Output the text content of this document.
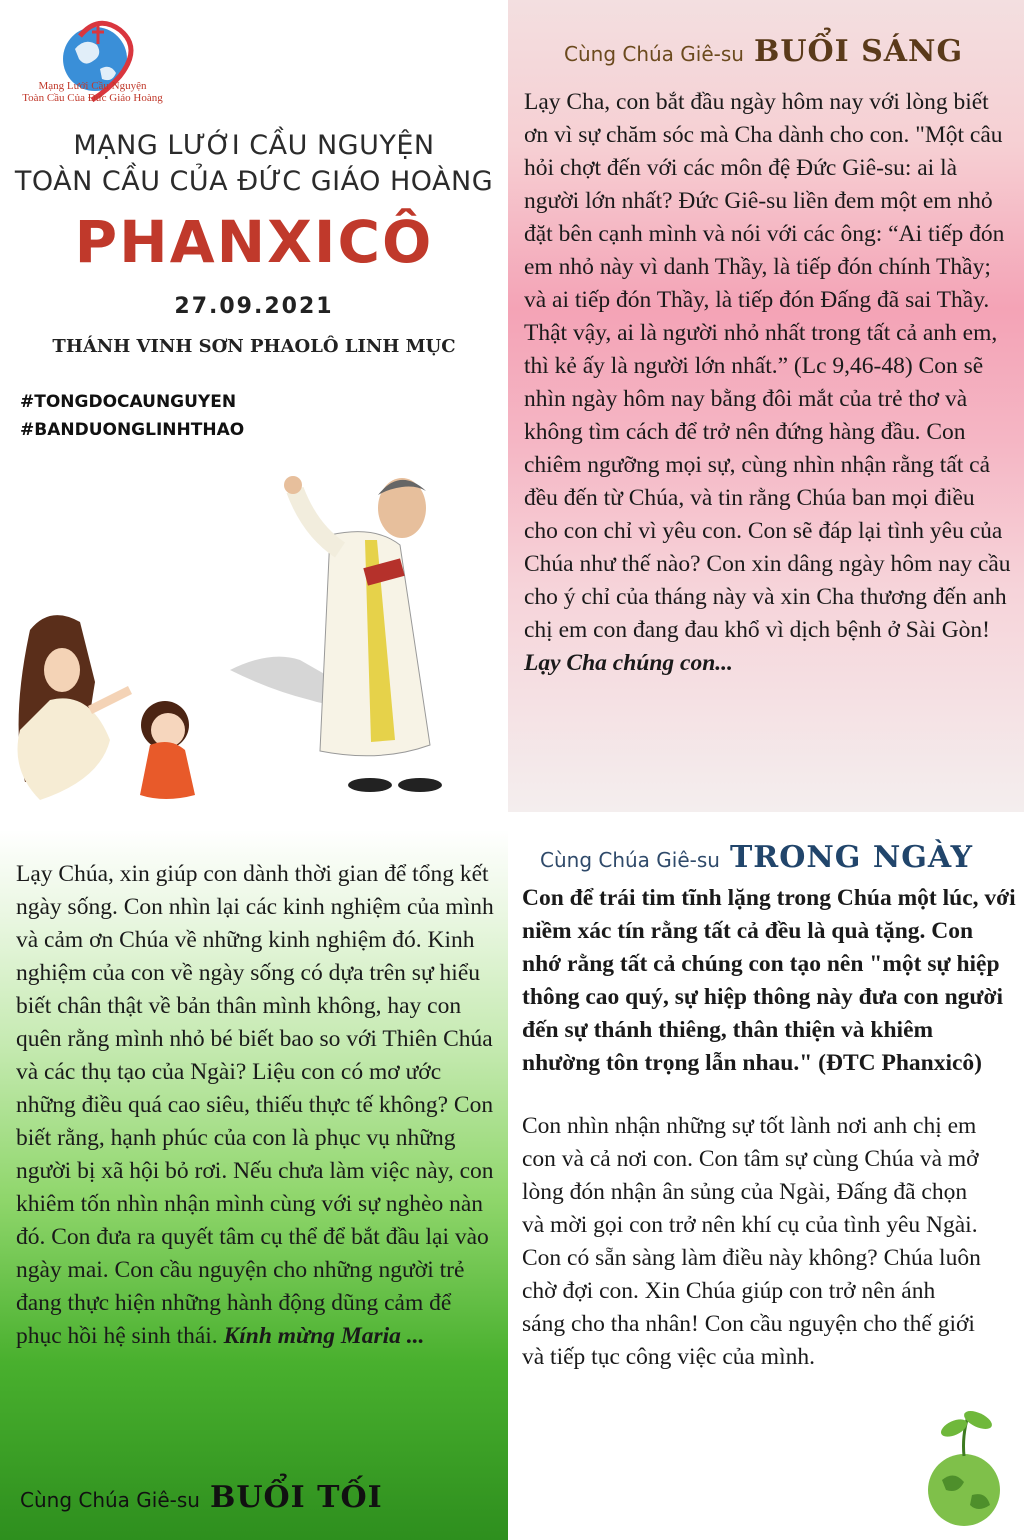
Mạng Lưới Cầu Nguyện
Toàn Cầu Của Đức Giáo Hoàng
MẠNG LƯỚI CẦU NGUYỆN
TOÀN CẦU CỦA ĐỨC GIÁO HOÀNG
PHANXICÔ
27.09.2021
THÁNH VINH SƠN PHAOLÔ LINH MỤC
#TONGDOCAUNGUYEN
#BANDUONGLINHTHAO
Cùng Chúa Giê-su BUỔI SÁNG
Lạy Cha, con bắt đầu ngày hôm nay với lòng biết ơn vì sự chăm sóc mà Cha dành cho con. "Một câu hỏi chợt đến với các môn đệ Đức Giê-su: ai là người lớn nhất? Đức Giê-su liền đem một em nhỏ đặt bên cạnh mình và nói với các ông: “Ai tiếp đón em nhỏ này vì danh Thầy, là tiếp đón chính Thầy; và ai tiếp đón Thầy, là tiếp đón Đấng đã sai Thầy. Thật vậy, ai là người nhỏ nhất trong tất cả anh em, thì kẻ ấy là người lớn nhất.” (Lc 9,46-48) Con sẽ nhìn ngày hôm nay bằng đôi mắt của trẻ thơ và không tìm cách để trở nên đứng hàng đầu. Con chiêm ngưỡng mọi sự, cùng nhìn nhận rằng tất cả đều đến từ Chúa, và tin rằng Chúa ban mọi điều cho con chỉ vì yêu con. Con sẽ đáp lại tình yêu của Chúa như thế nào? Con xin dâng ngày hôm nay cầu cho ý chỉ của tháng này và xin Cha thương đến anh chị em con đang đau khổ vì dịch bệnh ở Sài Gòn!
Lạy Cha chúng con...
Lạy Chúa, xin giúp con dành thời gian để tổng kết ngày sống. Con nhìn lại các kinh nghiệm của mình và cảm ơn Chúa về những kinh nghiệm đó. Kinh nghiệm của con về ngày sống có dựa trên sự hiểu biết chân thật về bản thân mình không, hay con quên rằng mình nhỏ bé biết bao so với Thiên Chúa và các thụ tạo của Ngài? Liệu con có mơ ước những điều quá cao siêu, thiếu thực tế không? Con biết rằng, hạnh phúc của con là phục vụ những người bị xã hội bỏ rơi. Nếu chưa làm việc này, con khiêm tốn nhìn nhận mình cùng với sự nghèo nàn đó. Con đưa ra quyết tâm cụ thể để bắt đầu lại vào ngày mai. Con cầu nguyện cho những người trẻ đang thực hiện những hành động dũng cảm để phục hồi hệ sinh thái. Kính mừng Maria ...
Cùng Chúa Giê-su BUỔI TỐI
Cùng Chúa Giê-su TRONG NGÀY
Con để trái tim tĩnh lặng trong Chúa một lúc, với niềm xác tín rằng tất cả đều là quà tặng. Con nhớ rằng tất cả chúng con tạo nên "một sự hiệp thông cao quý, sự hiệp thông này đưa con người đến sự thánh thiêng, thân thiện và khiêm nhường tôn trọng lẫn nhau." (ĐTC Phanxicô)
Con nhìn nhận những sự tốt lành nơi anh chị em con và cả nơi con. Con tâm sự cùng Chúa và mở lòng đón nhận ân sủng của Ngài, Đấng đã chọn và mời gọi con trở nên khí cụ của tình yêu Ngài. Con có sẵn sàng làm điều này không? Chúa luôn chờ đợi con. Xin Chúa giúp con trở nên ánh sáng cho tha nhân! Con cầu nguyện cho thế giới và tiếp tục công việc của mình.
